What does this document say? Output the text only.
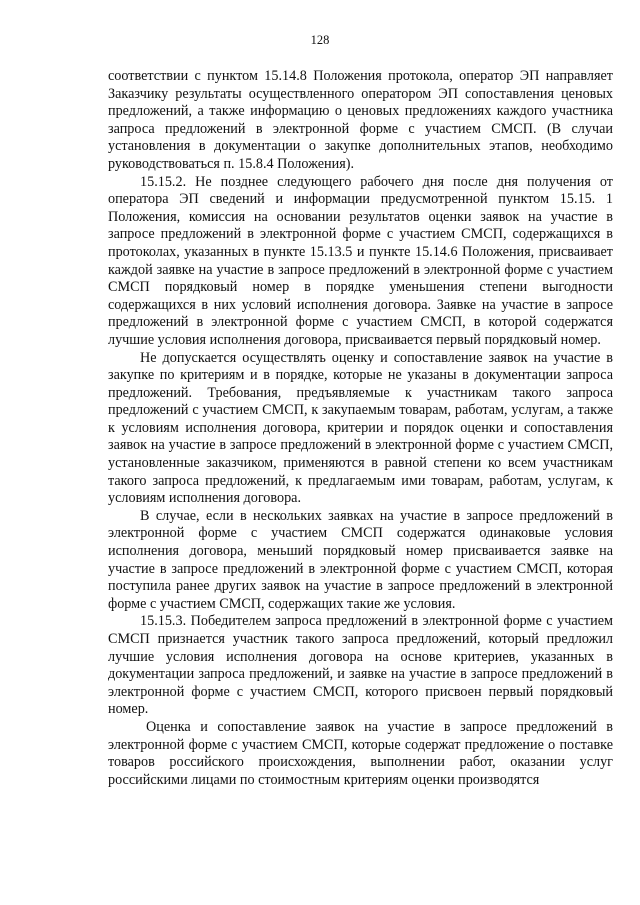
128

соответствии с пунктом 15.14.8 Положения протокола, оператор ЭП направляет Заказчику результаты осуществленного оператором ЭП сопоставления ценовых предложений, а также информацию о ценовых предложениях каждого участника запроса предложений в электронной форме с участием СМСП. (В случаи установления в документации о закупке дополнительных этапов, необходимо руководствоваться п. 15.8.4 Положения).

15.15.2. Не позднее следующего рабочего дня после дня получения от оператора ЭП сведений и информации предусмотренной пунктом 15.15. 1 Положения, комиссия на основании результатов оценки заявок на участие в запросе предложений в электронной форме с участием СМСП, содержащихся в протоколах, указанных в пункте 15.13.5 и пункте 15.14.6 Положения, присваивает каждой заявке на участие в запросе предложений в электронной форме с участием СМСП порядковый номер в порядке уменьшения степени выгодности содержащихся в них условий исполнения договора. Заявке на участие в запросе предложений в электронной форме с участием СМСП, в которой содержатся лучшие условия исполнения договора, присваивается первый порядковый номер.

Не допускается осуществлять оценку и сопоставление заявок на участие в закупке по критериям и в порядке, которые не указаны в документации запроса предложений. Требования, предъявляемые к участникам такого запроса предложений с участием СМСП, к закупаемым товарам, работам, услугам, а также к условиям исполнения договора, критерии и порядок оценки и сопоставления заявок на участие в запросе предложений в электронной форме с участием СМСП, установленные заказчиком, применяются в равной степени ко всем участникам такого запроса предложений, к предлагаемым ими товарам, работам, услугам, к условиям исполнения договора.

В случае, если в нескольких заявках на участие в запросе предложений в электронной форме с участием СМСП содержатся одинаковые условия исполнения договора, меньший порядковый номер присваивается заявке на участие в запросе предложений в электронной форме с участием СМСП, которая поступила ранее других заявок на участие в запросе предложений в электронной форме с участием СМСП, содержащих такие же условия.

15.15.3. Победителем запроса предложений в электронной форме с участием СМСП признается участник такого запроса предложений, который предложил лучшие условия исполнения договора на основе критериев, указанных в документации запроса предложений, и заявке на участие в запросе предложений в электронной форме с участием СМСП, которого присвоен первый порядковый номер.

Оценка и сопоставление заявок на участие в запросе предложений в электронной форме с участием СМСП, которые содержат предложение о поставке товаров российского происхождения, выполнении работ, оказании услуг российскими лицами по стоимостным критериям оценки производятся
